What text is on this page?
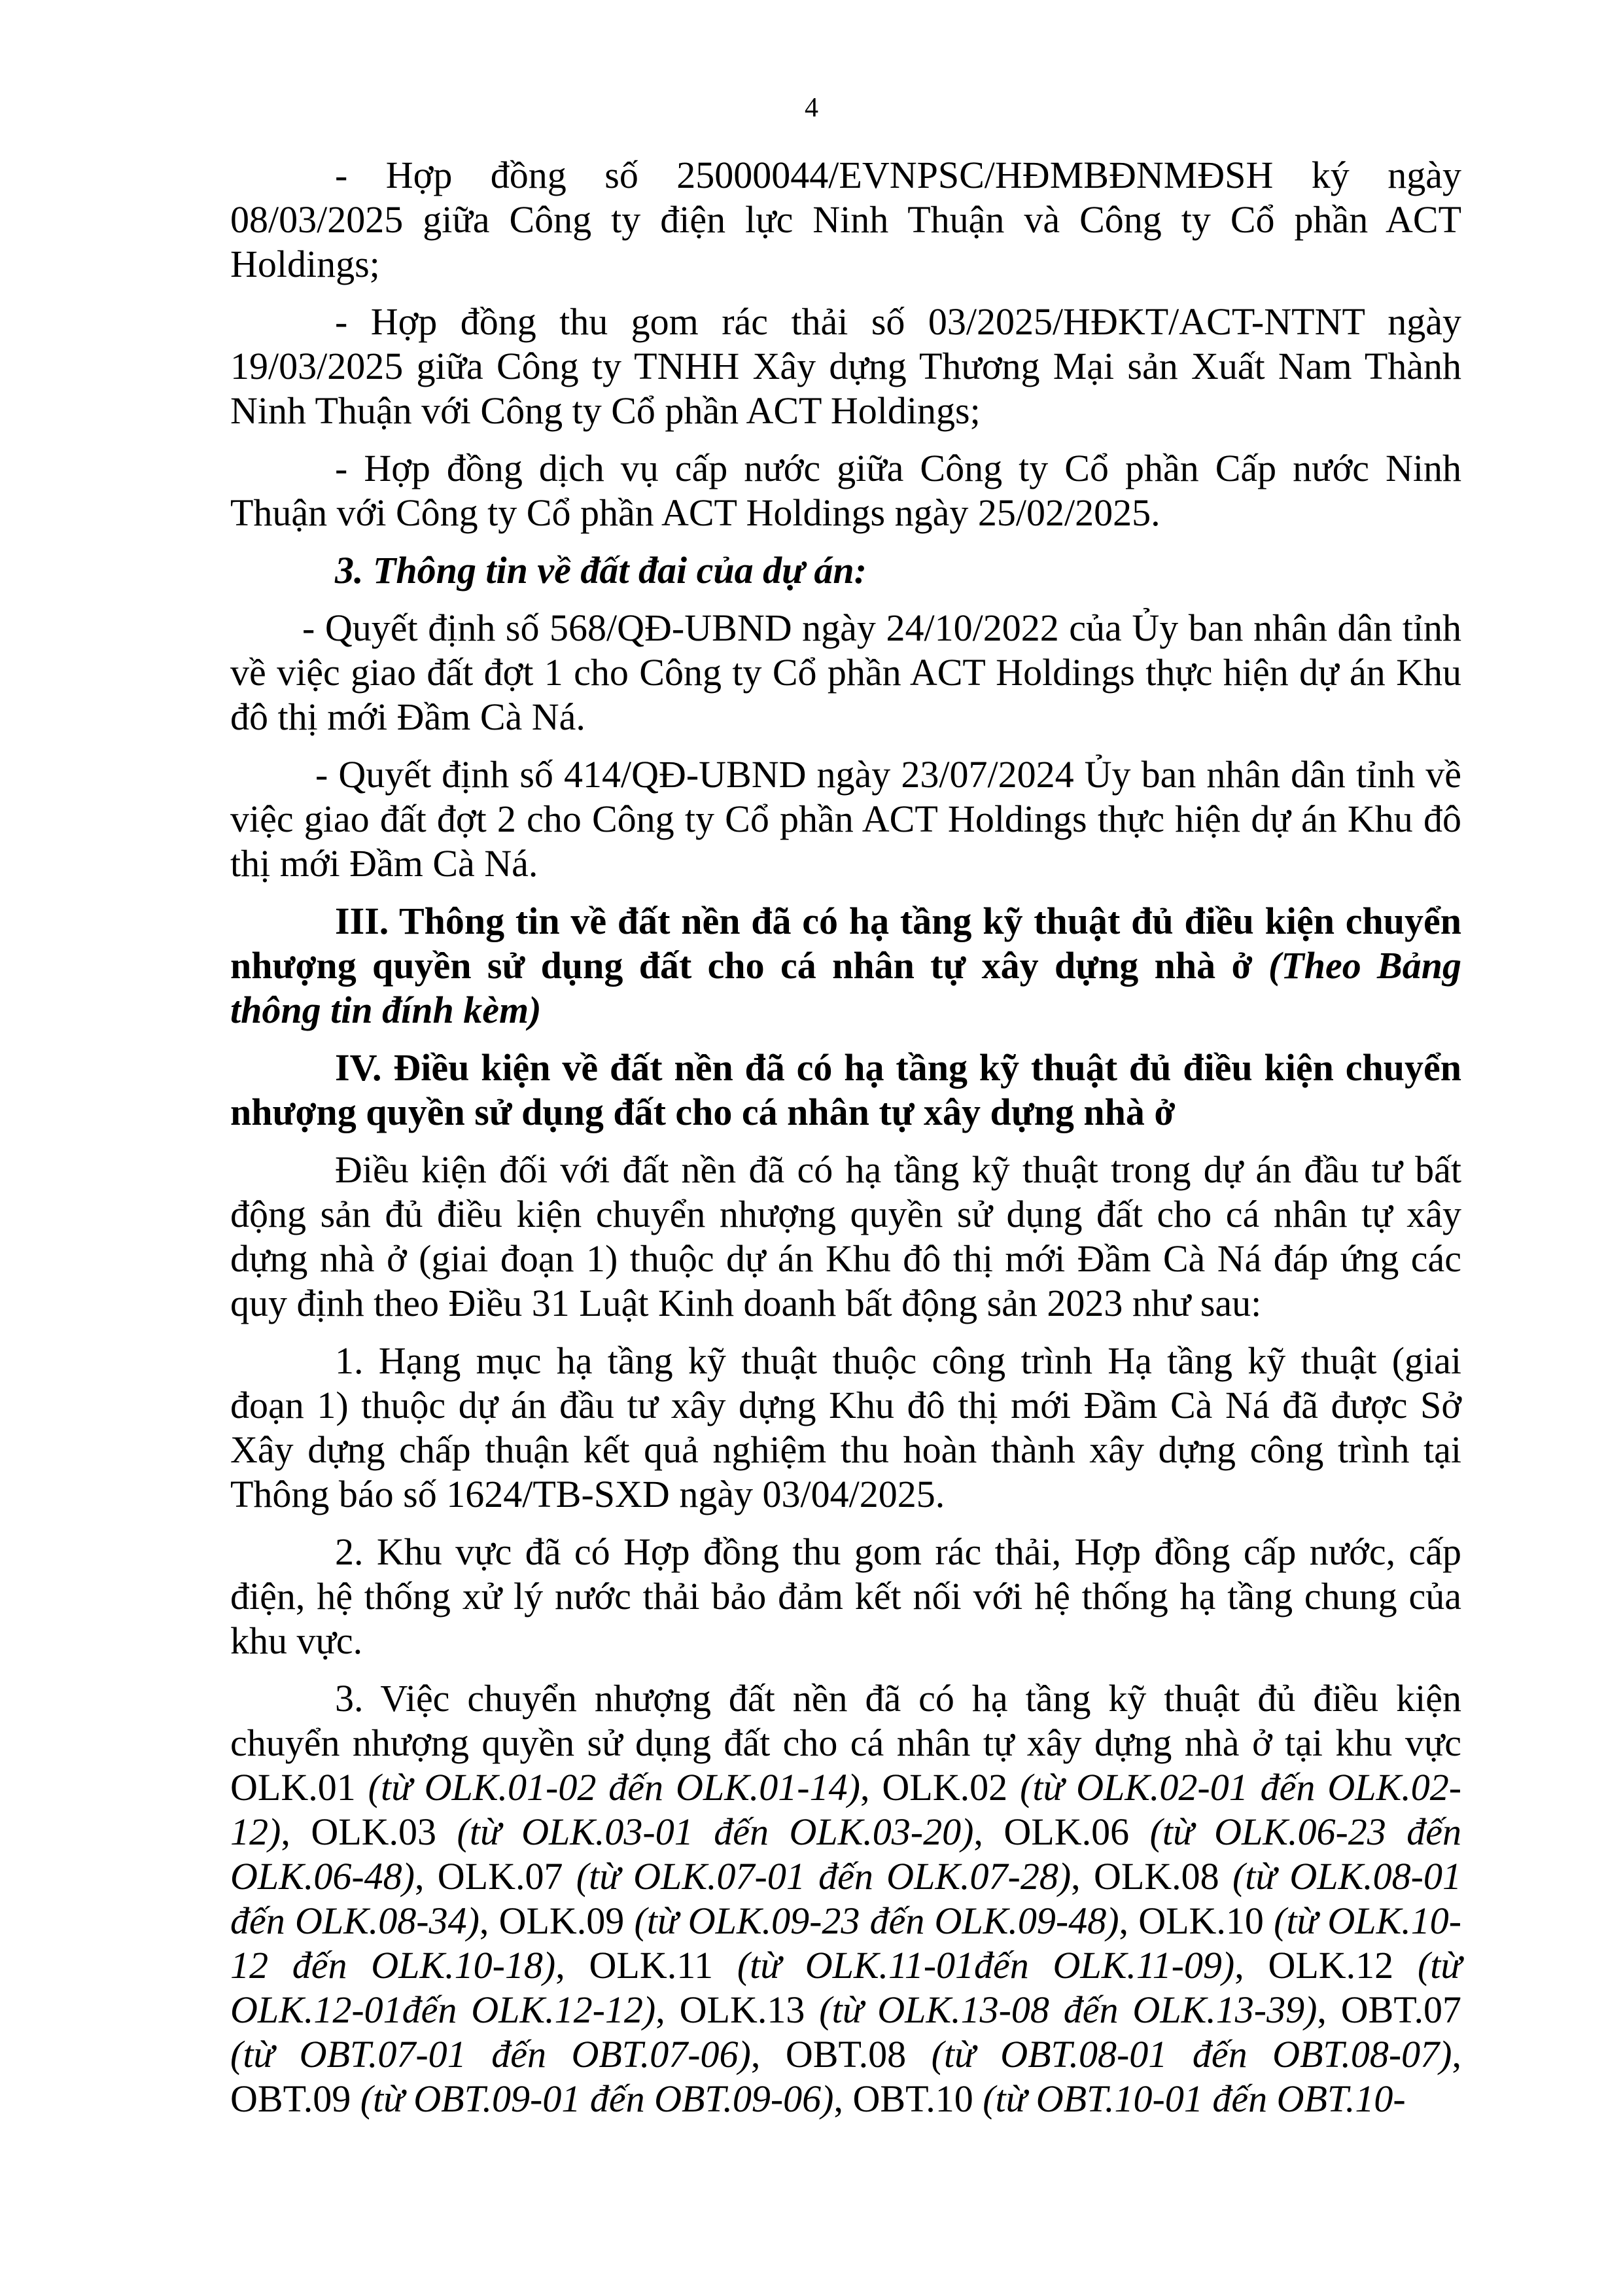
4

- Hợp đồng số 25000044/EVNPSC/HĐMBĐNMĐSH ký ngày 08/03/2025 giữa Công ty điện lực Ninh Thuận và Công ty Cổ phần ACT Holdings;

- Hợp đồng thu gom rác thải số 03/2025/HĐKT/ACT-NTNT ngày 19/03/2025 giữa Công ty TNHH Xây dựng Thương Mại sản Xuất Nam Thành Ninh Thuận với Công ty Cổ phần ACT Holdings;

- Hợp đồng dịch vụ cấp nước giữa Công ty Cổ phần Cấp nước Ninh Thuận với Công ty Cổ phần ACT Holdings ngày 25/02/2025.

3. Thông tin về đất đai của dự án:

- Quyết định số 568/QĐ-UBND ngày 24/10/2022 của Ủy ban nhân dân tỉnh về việc giao đất đợt 1 cho Công ty Cổ phần ACT Holdings thực hiện dự án Khu đô thị mới Đầm Cà Ná.

- Quyết định số 414/QĐ-UBND ngày 23/07/2024 Ủy ban nhân dân tỉnh về việc giao đất đợt 2 cho Công ty Cổ phần ACT Holdings thực hiện dự án Khu đô thị mới Đầm Cà Ná.

III. Thông tin về đất nền đã có hạ tầng kỹ thuật đủ điều kiện chuyển nhượng quyền sử dụng đất cho cá nhân tự xây dựng nhà ở (Theo Bảng thông tin đính kèm)

IV. Điều kiện về đất nền đã có hạ tầng kỹ thuật đủ điều kiện chuyển nhượng quyền sử dụng đất cho cá nhân tự xây dựng nhà ở

Điều kiện đối với đất nền đã có hạ tầng kỹ thuật trong dự án đầu tư bất động sản đủ điều kiện chuyển nhượng quyền sử dụng đất cho cá nhân tự xây dựng nhà ở (giai đoạn 1) thuộc dự án Khu đô thị mới Đầm Cà Ná đáp ứng các quy định theo Điều 31 Luật Kinh doanh bất động sản 2023 như sau:

1. Hạng mục hạ tầng kỹ thuật thuộc công trình Hạ tầng kỹ thuật (giai đoạn 1) thuộc dự án đầu tư xây dựng Khu đô thị mới Đầm Cà Ná đã được Sở Xây dựng chấp thuận kết quả nghiệm thu hoàn thành xây dựng công trình tại Thông báo số 1624/TB-SXD ngày 03/04/2025.

2. Khu vực đã có Hợp đồng thu gom rác thải, Hợp đồng cấp nước, cấp điện, hệ thống xử lý nước thải bảo đảm kết nối với hệ thống hạ tầng chung của khu vực.

3. Việc chuyển nhượng đất nền đã có hạ tầng kỹ thuật đủ điều kiện chuyển nhượng quyền sử dụng đất cho cá nhân tự xây dựng nhà ở tại khu vực OLK.01 (từ OLK.01-02 đến OLK.01-14), OLK.02 (từ OLK.02-01 đến OLK.02-12), OLK.03 (từ OLK.03-01 đến OLK.03-20), OLK.06 (từ OLK.06-23 đến OLK.06-48), OLK.07 (từ OLK.07-01 đến OLK.07-28), OLK.08 (từ OLK.08-01 đến OLK.08-34), OLK.09 (từ OLK.09-23 đến OLK.09-48), OLK.10 (từ OLK.10-12 đến OLK.10-18), OLK.11 (từ OLK.11-01đến OLK.11-09), OLK.12 (từ OLK.12-01đến OLK.12-12), OLK.13 (từ OLK.13-08 đến OLK.13-39), OBT.07 (từ OBT.07-01 đến OBT.07-06), OBT.08 (từ OBT.08-01 đến OBT.08-07), OBT.09 (từ OBT.09-01 đến OBT.09-06), OBT.10 (từ OBT.10-01 đến OBT.10-
